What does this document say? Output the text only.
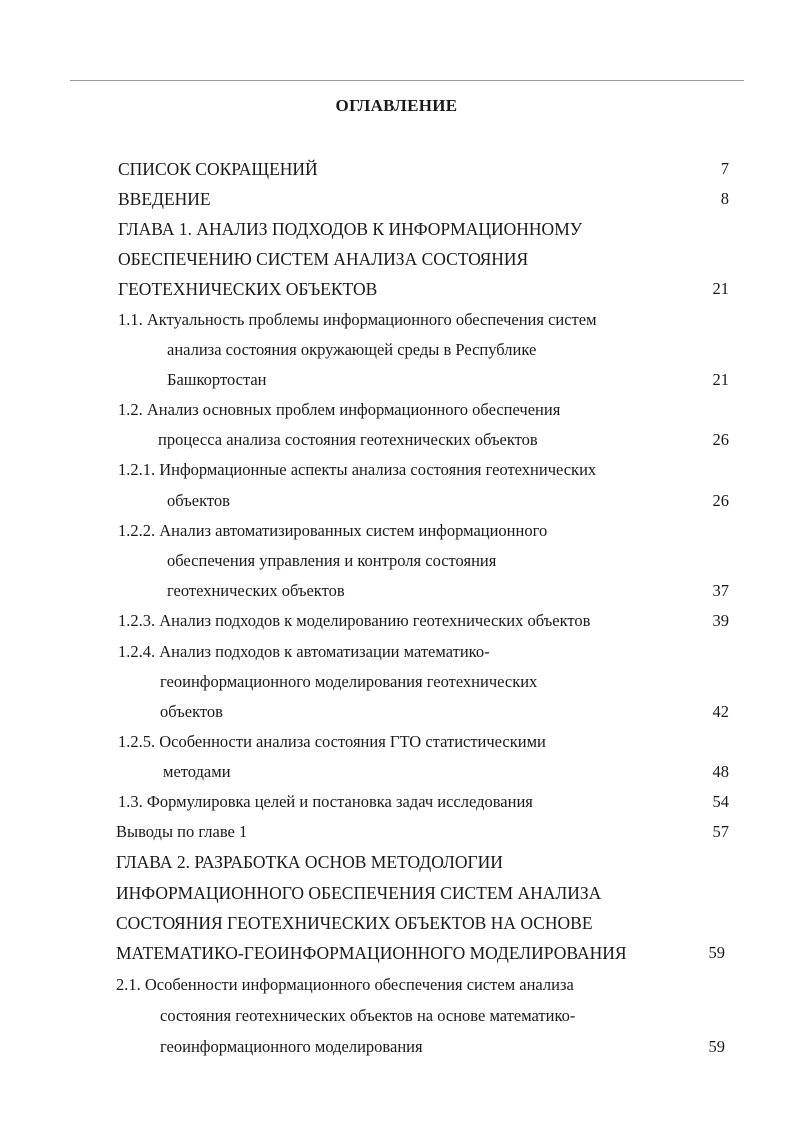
ОГЛАВЛЕНИЕ
СПИСОК СОКРАЩЕНИЙ	7
ВВЕДЕНИЕ	8
ГЛАВА 1. АНАЛИЗ ПОДХОДОВ К ИНФОРМАЦИОННОМУ
ОБЕСПЕЧЕНИЮ СИСТЕМ АНАЛИЗА СОСТОЯНИЯ
ГЕОТЕХНИЧЕСКИХ ОБЪЕКТОВ	21
1.1. Актуальность проблемы информационного обеспечения систем
анализа состояния окружающей среды в Республике
Башкортостан	21
1.2. Анализ основных проблем информационного обеспечения
процесса анализа состояния геотехнических объектов	26
1.2.1. Информационные аспекты анализа состояния геотехнических
объектов	26
1.2.2. Анализ автоматизированных систем информационного
обеспечения управления и контроля состояния
геотехнических объектов	37
1.2.3. Анализ подходов к моделированию геотехнических объектов	39
1.2.4. Анализ подходов к автоматизации математико-
геоинформационного моделирования геотехнических
объектов	42
1.2.5. Особенности анализа состояния ГТО статистическими
методами	48
1.3. Формулировка целей и постановка задач исследования	54
Выводы по главе 1	57
ГЛАВА 2. РАЗРАБОТКА ОСНОВ МЕТОДОЛОГИИ
ИНФОРМАЦИОННОГО ОБЕСПЕЧЕНИЯ СИСТЕМ АНАЛИЗА
СОСТОЯНИЯ ГЕОТЕХНИЧЕСКИХ ОБЪЕКТОВ НА ОСНОВЕ
МАТЕМАТИКО-ГЕОИНФОРМАЦИОННОГО МОДЕЛИРОВАНИЯ	59
2.1. Особенности информационного обеспечения систем анализа
состояния геотехнических объектов на основе математико-
геоинформационного моделирования	59
